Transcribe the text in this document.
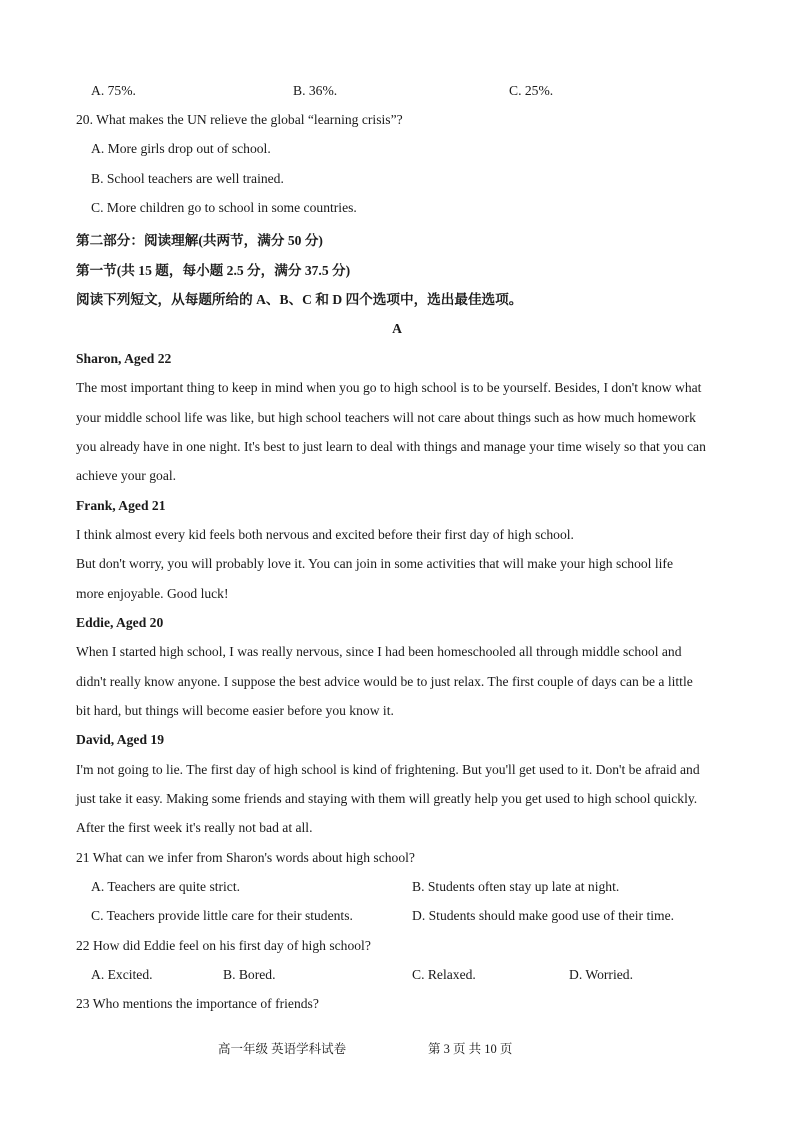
A. 75%.	B. 36%.	C. 25%.
20. What makes the UN relieve the global “learning crisis”?
A. More girls drop out of school.
B. School teachers are well trained.
C. More children go to school in some countries.
第二部分：阅读理解(共两节，满分 50 分)
第一节(共 15 题，每小题 2.5 分，满分 37.5 分)
阅读下列短文，从每题所给的 A、B、C 和 D 四个选项中，选出最佳选项。
A
Sharon, Aged 22
The most important thing to keep in mind when you go to high school is to be yourself. Besides, I don't know what
your middle school life was like, but high school teachers will not care about things such as how much homework
you already have in one night. It's best to just learn to deal with things and manage your time wisely so that you can
achieve your goal.
Frank, Aged 21
I think almost every kid feels both nervous and excited before their first day of high school.
But don't worry, you will probably love it. You can join in some activities that will make your high school life
more enjoyable. Good luck!
Eddie, Aged 20
When I started high school, I was really nervous, since I had been homeschooled all through middle school and
didn't really know anyone. I suppose the best advice would be to just relax. The first couple of days can be a little
bit hard, but things will become easier before you know it.
David, Aged 19
I'm not going to lie. The first day of high school is kind of frightening. But you'll get used to it. Don't be afraid and
just take it easy. Making some friends and staying with them will greatly help you get used to high school quickly.
After the first week it's really not bad at all.
21 What can we infer from Sharon's words about high school?
A. Teachers are quite strict.	B. Students often stay up late at night.
C. Teachers provide little care for their students.	D. Students should make good use of their time.
22 How did Eddie feel on his first day of high school?
A. Excited.	B. Bored.	C. Relaxed.	D. Worried.
23 Who mentions the importance of friends?
高一年级 英语学科试卷	第 3 页 共 10 页
